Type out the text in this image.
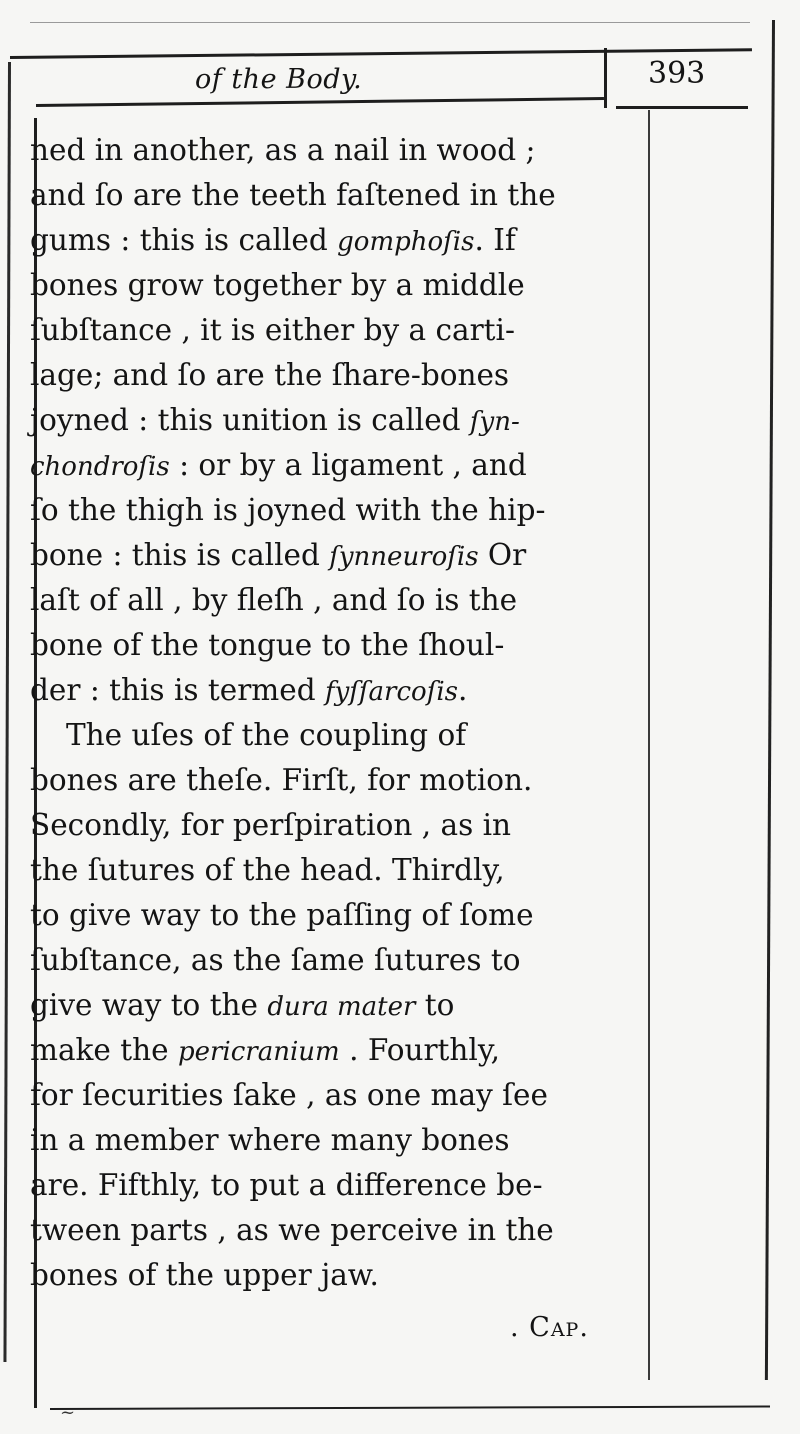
of the Body.	393
ned in another, as a nail in wood ;
and ſo are the teeth faſtened in the
gums : this is called gomphoſis. If
bones grow together by a middle
ſubſtance , it is either by a carti-
lage; and ſo are the ſhare-bones
joyned : this unition is called ſyn-
chondroſis : or by a ligament , and
ſo the thigh is joyned with the hip-
bone : this is called ſynneuroſis Or
laſt of all , by fleſh , and ſo is the
bone of the tongue to the ſhoul-
der : this is termed fyſſarcoſis.
The uſes of the coupling of
bones are theſe. Firſt, for motion.
Secondly, for perſpiration , as in
the ſutures of the head. Thirdly,
to give way to the paſſing of ſome
ſubſtance, as the ſame ſutures to
give way to the dura mater to
make the pericranium . Fourthly,
for ſecurities ſake , as one may ſee
in a member where many bones
are. Fifthly, to put a difference be-
tween parts , as we perceive in the
bones of the upper jaw.
. Cap.
~
